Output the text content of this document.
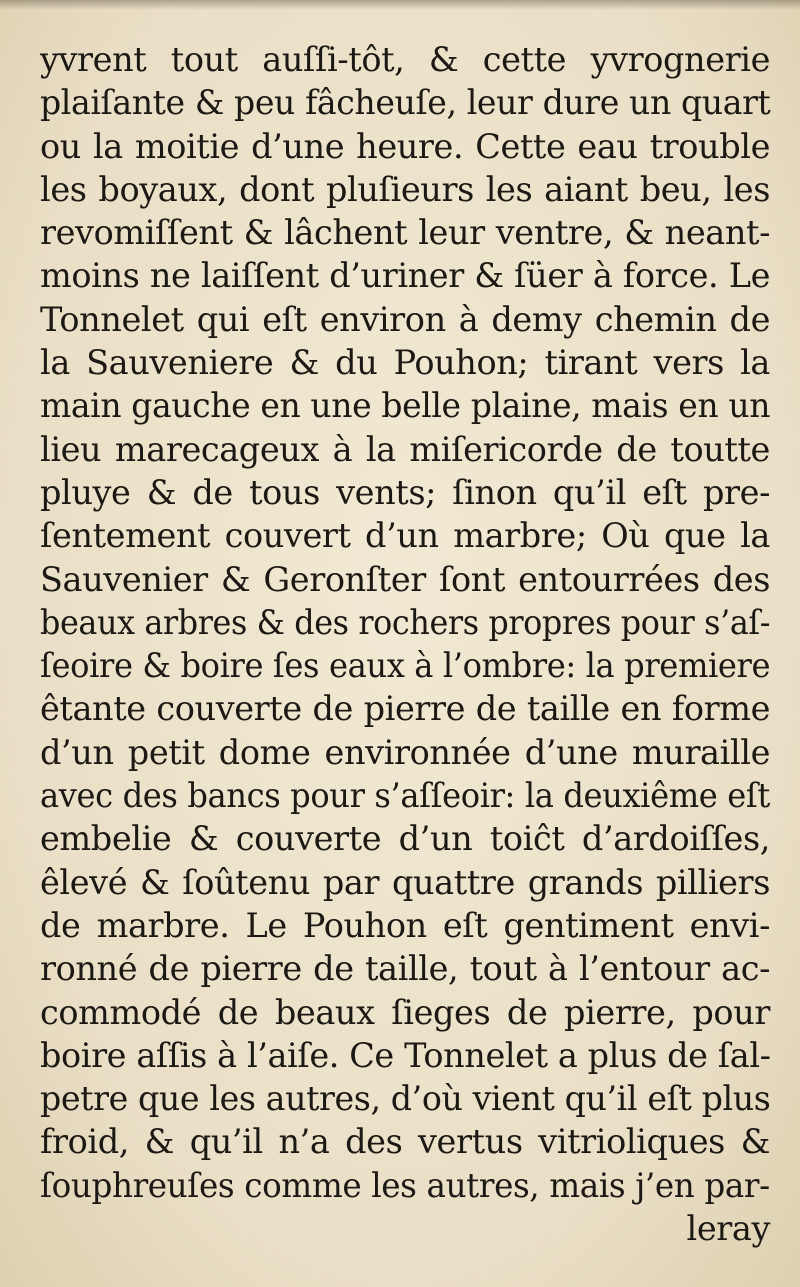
yvrent tout auſſi-tôt, & cette yvrognerie
plaiſante & peu fâcheuſe, leur dure un quart
ou la moitie d’une heure. Cette eau trouble
les boyaux, dont pluſieurs les aiant beu, les
revomiſſent & lâchent leur ventre, & neant-
moins ne laiſſent d’uriner & ſüer à force. Le
Tonnelet qui eſt environ à demy chemin de
la Sauveniere & du Pouhon; tirant vers la
main gauche en une belle plaine, mais en un
lieu marecageux à la miſericorde de toutte
pluye & de tous vents; ſinon qu’il eſt pre-
ſentement couvert d’un marbre; Où que la
Sauvenier & Geronſter ſont entourrées des
beaux arbres & des rochers propres pour s’aſ-
ſeoire & boire ſes eaux à l’ombre: la premiere
êtante couverte de pierre de taille en forme
d’un petit dome environnée d’une muraille
avec des bancs pour s’aſſeoir: la deuxiême eſt
embelie & couverte d’un toiĉt d’ardoiſſes,
êlevé & ſoûtenu par quattre grands pilliers
de marbre. Le Pouhon eſt gentiment envi-
ronné de pierre de taille, tout à l’entour ac-
commodé de beaux ſieges de pierre, pour
boire aſſis à l’aiſe. Ce Tonnelet a plus de ſal-
petre que les autres, d’où vient qu’il eſt plus
froid, & qu’il n’a des vertus vitrioliques &
ſouphreuſes comme les autres, mais j’en par-
leray
